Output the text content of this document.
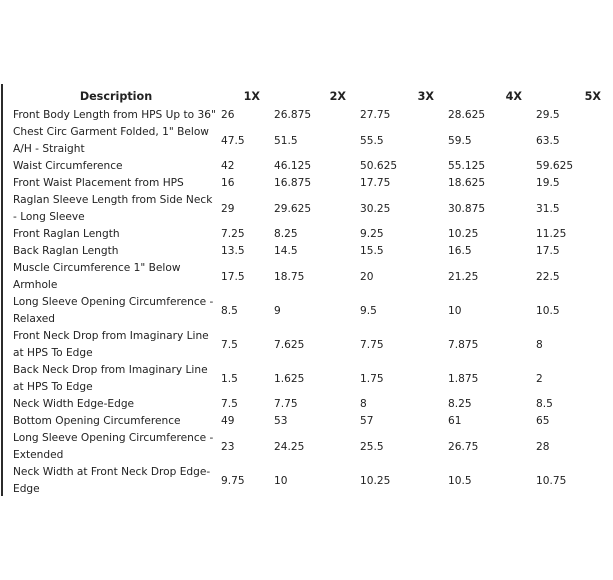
Description	1X	2X	3X	4X	5X
Front Body Length from HPS Up to 36"	26	26.875	27.75	28.625	29.5
Chest Circ Garment Folded, 1" Below A/H - Straight	47.5	51.5	55.5	59.5	63.5
Waist Circumference	42	46.125	50.625	55.125	59.625
Front Waist Placement from HPS	16	16.875	17.75	18.625	19.5
Raglan Sleeve Length from Side Neck - Long Sleeve	29	29.625	30.25	30.875	31.5
Front Raglan Length	7.25	8.25	9.25	10.25	11.25
Back Raglan Length	13.5	14.5	15.5	16.5	17.5
Muscle Circumference 1" Below Armhole	17.5	18.75	20	21.25	22.5
Long Sleeve Opening Circumference - Relaxed	8.5	9	9.5	10	10.5
Front Neck Drop from Imaginary Line at HPS To Edge	7.5	7.625	7.75	7.875	8
Back Neck Drop from Imaginary Line at HPS To Edge	1.5	1.625	1.75	1.875	2
Neck Width Edge-Edge	7.5	7.75	8	8.25	8.5
Bottom Opening Circumference	49	53	57	61	65
Long Sleeve Opening Circumference - Extended	23	24.25	25.5	26.75	28
Neck Width at Front Neck Drop Edge-Edge	9.75	10	10.25	10.5	10.75
